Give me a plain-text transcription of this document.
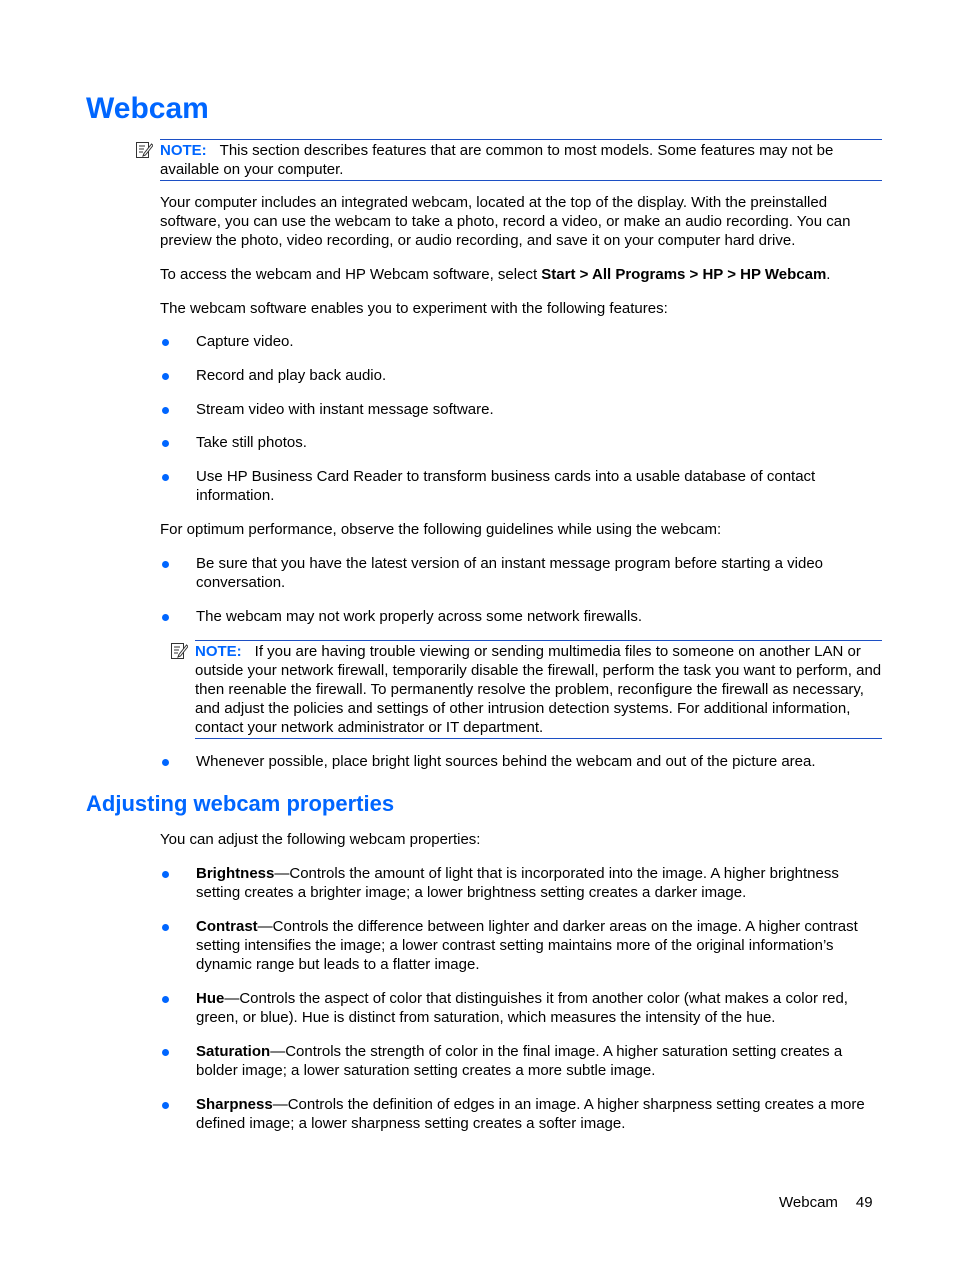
Webcam
NOTE: This section describes features that are common to most models. Some features may not be available on your computer.

Your computer includes an integrated webcam, located at the top of the display. With the preinstalled software, you can use the webcam to take a photo, record a video, or make an audio recording. You can preview the photo, video recording, or audio recording, and save it on your computer hard drive.

To access the webcam and HP Webcam software, select Start > All Programs > HP > HP Webcam.

The webcam software enables you to experiment with the following features:

Capture video.
Record and play back audio.
Stream video with instant message software.
Take still photos.
Use HP Business Card Reader to transform business cards into a usable database of contact information.

For optimum performance, observe the following guidelines while using the webcam:

Be sure that you have the latest version of an instant message program before starting a video conversation.
The webcam may not work properly across some network firewalls.
NOTE: If you are having trouble viewing or sending multimedia files to someone on another LAN or outside your network firewall, temporarily disable the firewall, perform the task you want to perform, and then reenable the firewall. To permanently resolve the problem, reconfigure the firewall as necessary, and adjust the policies and settings of other intrusion detection systems. For additional information, contact your network administrator or IT department.
Whenever possible, place bright light sources behind the webcam and out of the picture area.
Adjusting webcam properties

You can adjust the following webcam properties:

Brightness—Controls the amount of light that is incorporated into the image. A higher brightness setting creates a brighter image; a lower brightness setting creates a darker image.
Contrast—Controls the difference between lighter and darker areas on the image. A higher contrast setting intensifies the image; a lower contrast setting maintains more of the original information’s dynamic range but leads to a flatter image.
Hue—Controls the aspect of color that distinguishes it from another color (what makes a color red, green, or blue). Hue is distinct from saturation, which measures the intensity of the hue.
Saturation—Controls the strength of color in the final image. A higher saturation setting creates a bolder image; a lower saturation setting creates a more subtle image.
Sharpness—Controls the definition of edges in an image. A higher sharpness setting creates a more defined image; a lower sharpness setting creates a softer image.
Webcam 49
